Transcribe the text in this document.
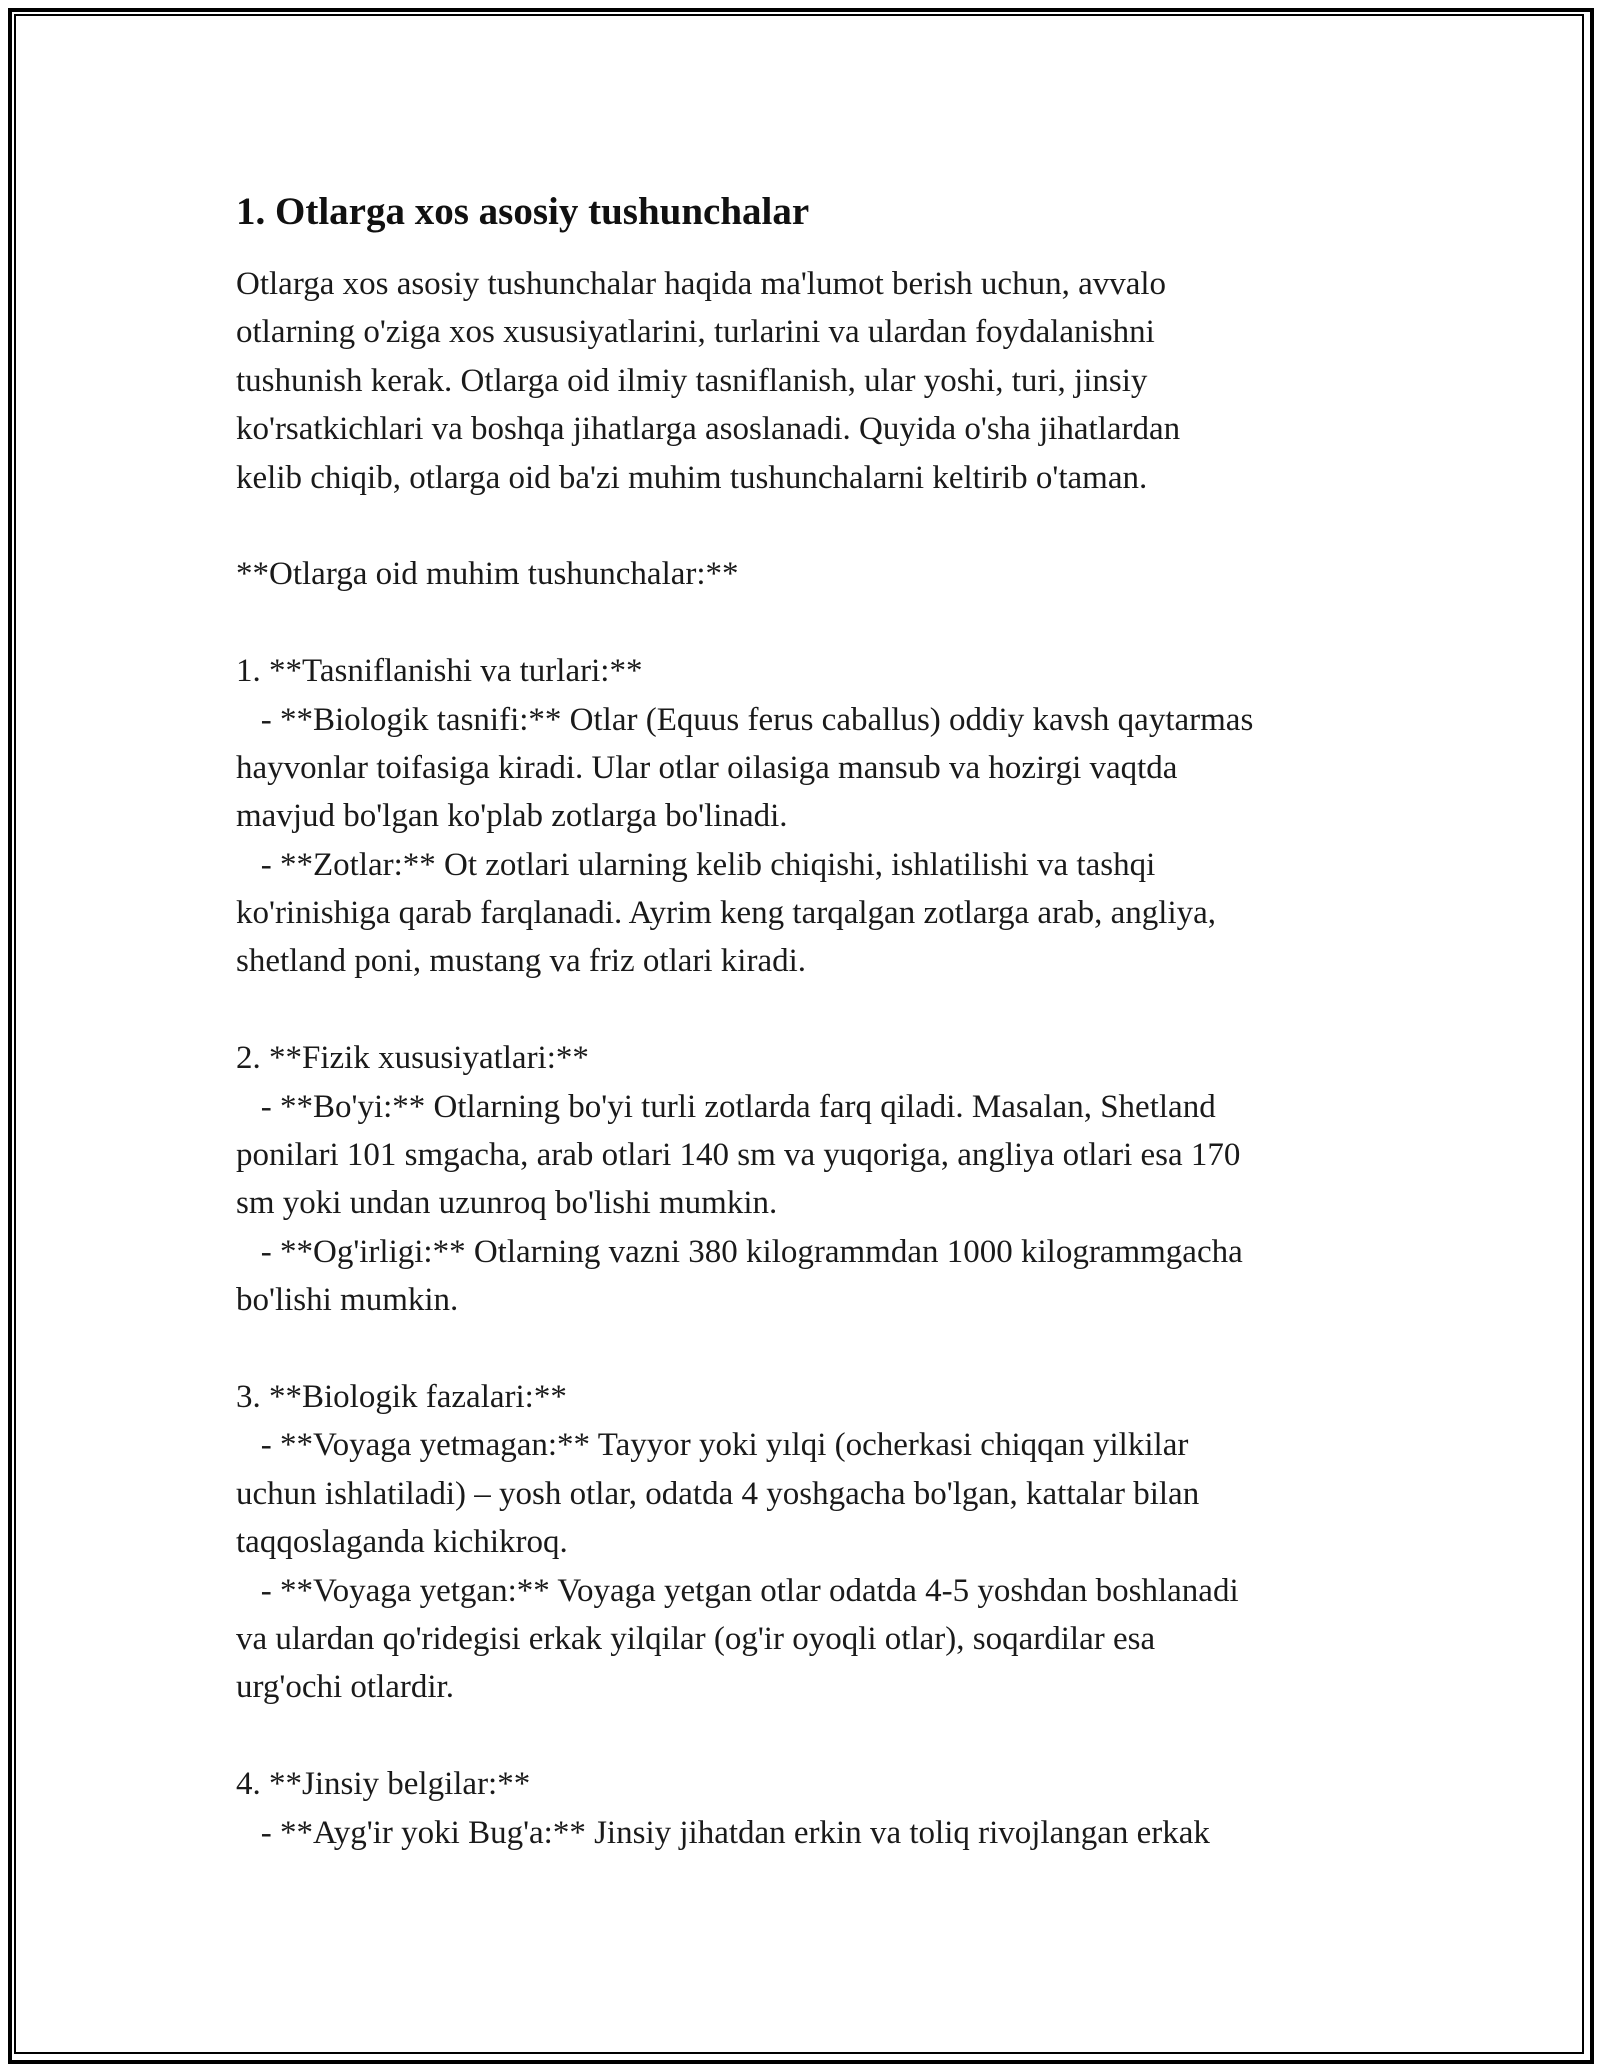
1. Otlarga xos asosiy tushunchalar
Otlarga xos asosiy tushunchalar haqida ma'lumot berish uchun, avvalo
otlarning o'ziga xos xususiyatlarini, turlarini va ulardan foydalanishni
tushunish kerak. Otlarga oid ilmiy tasniflanish, ular yoshi, turi, jinsiy
ko'rsatkichlari va boshqa jihatlarga asoslanadi. Quyida o'sha jihatlardan
kelib chiqib, otlarga oid ba'zi muhim tushunchalarni keltirib o'taman.
**Otlarga oid muhim tushunchalar:**
1. **Tasniflanishi va turlari:**
- **Biologik tasnifi:** Otlar (Equus ferus caballus) oddiy kavsh qaytarmas
hayvonlar toifasiga kiradi. Ular otlar oilasiga mansub va hozirgi vaqtda
mavjud bo'lgan ko'plab zotlarga bo'linadi.
- **Zotlar:** Ot zotlari ularning kelib chiqishi, ishlatilishi va tashqi
ko'rinishiga qarab farqlanadi. Ayrim keng tarqalgan zotlarga arab, angliya,
shetland poni, mustang va friz otlari kiradi.
2. **Fizik xususiyatlari:**
- **Bo'yi:** Otlarning bo'yi turli zotlarda farq qiladi. Masalan, Shetland
ponilari 101 smgacha, arab otlari 140 sm va yuqoriga, angliya otlari esa 170
sm yoki undan uzunroq bo'lishi mumkin.
- **Og'irligi:** Otlarning vazni 380 kilogrammdan 1000 kilogrammgacha
bo'lishi mumkin.
3. **Biologik fazalari:**
- **Voyaga yetmagan:** Tayyor yoki yılqi (ocherkasi chiqqan yilkilar
uchun ishlatiladi) – yosh otlar, odatda 4 yoshgacha bo'lgan, kattalar bilan
taqqoslaganda kichikroq.
- **Voyaga yetgan:** Voyaga yetgan otlar odatda 4-5 yoshdan boshlanadi
va ulardan qo'ridegisi erkak yilqilar (og'ir oyoqli otlar), soqardilar esa
urg'ochi otlardir.
4. **Jinsiy belgilar:**
- **Ayg'ir yoki Bug'a:** Jinsiy jihatdan erkin va toliq rivojlangan erkak
